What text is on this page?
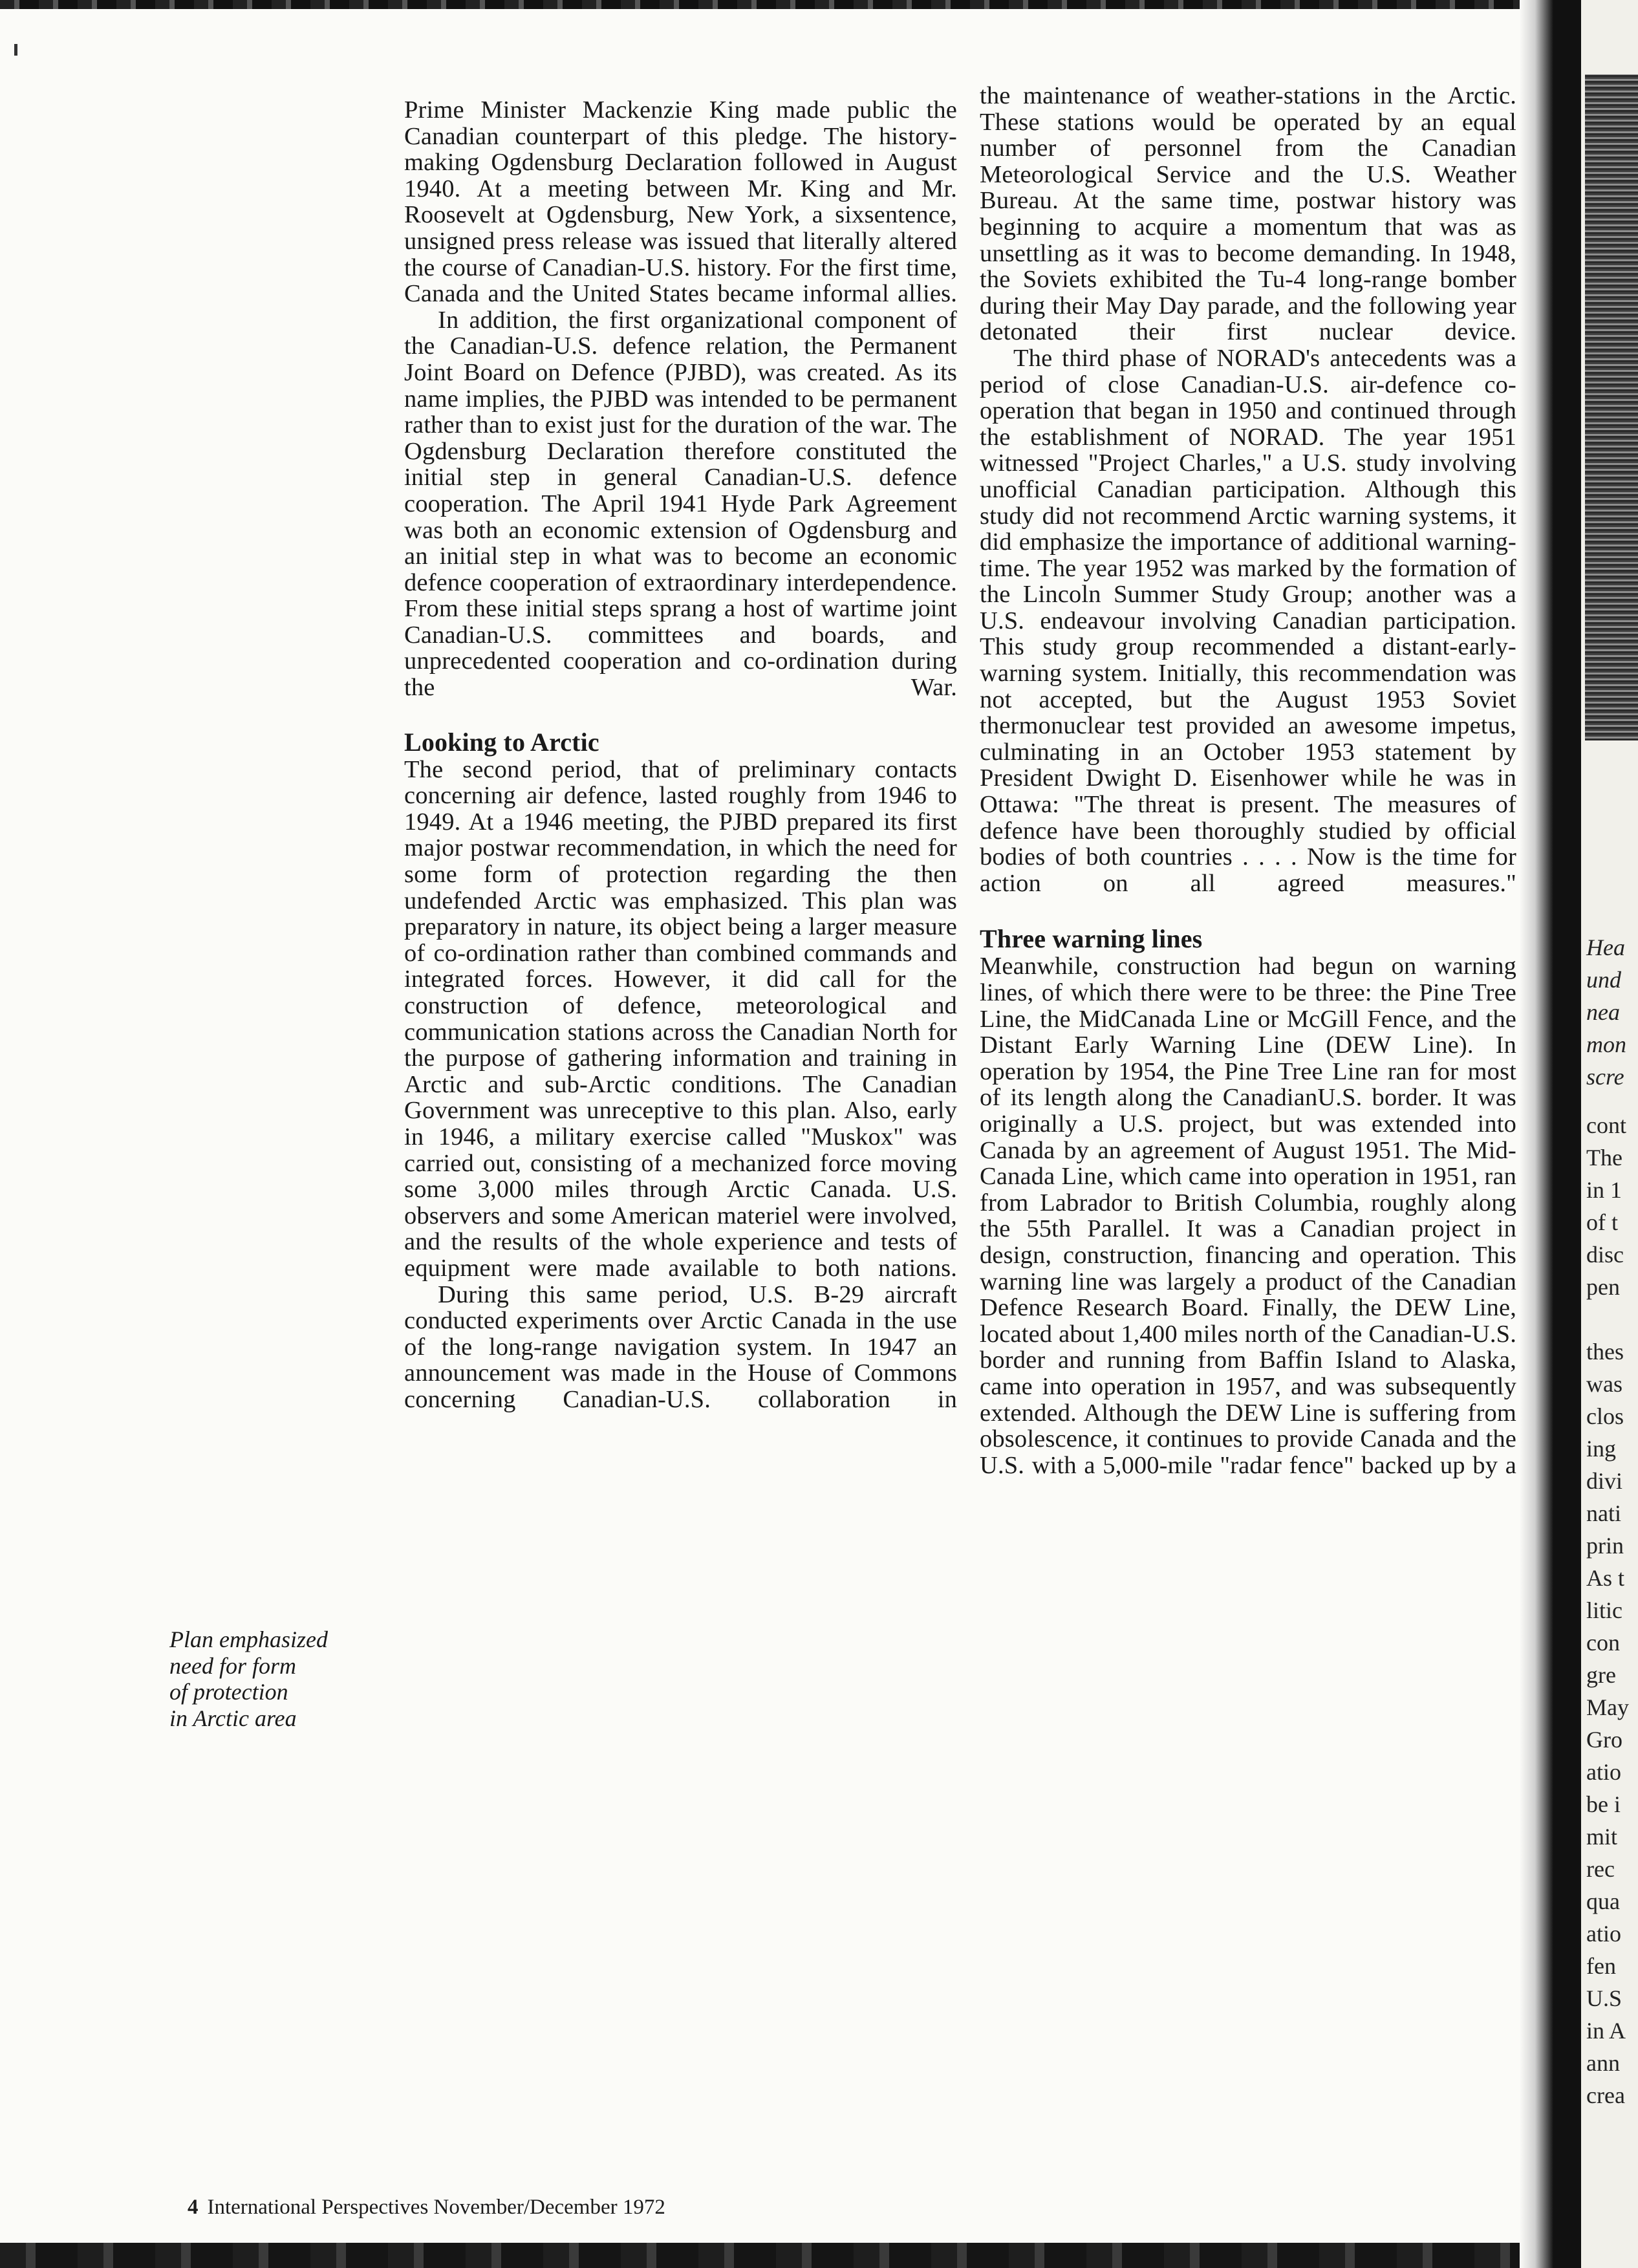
Prime Minister Mackenzie King made public the Canadian counterpart of this pledge. The history-making Ogdensburg Declaration followed in August 1940. At a meeting between Mr. King and Mr. Roosevelt at Ogdensburg, New York, a sixsentence, unsigned press release was issued that literally altered the course of Canadian-U.S. history. For the first time, Canada and the United States became informal allies.

In addition, the first organizational component of the Canadian-U.S. defence relation, the Permanent Joint Board on Defence (PJBD), was created. As its name implies, the PJBD was intended to be permanent rather than to exist just for the duration of the war. The Ogdensburg Declaration therefore constituted the initial step in general Canadian-U.S. defence cooperation. The April 1941 Hyde Park Agreement was both an economic extension of Ogdensburg and an initial step in what was to become an economic defence cooperation of extraordinary interdependence. From these initial steps sprang a host of wartime joint Canadian-U.S. committees and boards, and unprecedented cooperation and co-ordination during the War.

Looking to Arctic

The second period, that of preliminary contacts concerning air defence, lasted roughly from 1946 to 1949. At a 1946 meeting, the PJBD prepared its first major postwar recommendation, in which the need for some form of protection regarding the then undefended Arctic was emphasized. This plan was preparatory in nature, its object being a larger measure of co-ordination rather than combined commands and integrated forces. However, it did call for the construction of defence, meteorological and communication stations across the Canadian North for the purpose of gathering information and training in Arctic and sub-Arctic conditions. The Canadian Government was unreceptive to this plan. Also, early in 1946, a military exercise called "Muskox" was carried out, consisting of a mechanized force moving some 3,000 miles through Arctic Canada. U.S. observers and some American materiel were involved, and the results of the whole experience and tests of equipment were made available to both nations.

During this same period, U.S. B-29 aircraft conducted experiments over Arctic Canada in the use of the long-range navigation system. In 1947 an announcement was made in the House of Commons concerning Canadian-U.S. collaboration in

the maintenance of weather-stations in the Arctic. These stations would be operated by an equal number of personnel from the Canadian Meteorological Service and the U.S. Weather Bureau. At the same time, postwar history was beginning to acquire a momentum that was as unsettling as it was to become demanding. In 1948, the Soviets exhibited the Tu-4 long-range bomber during their May Day parade, and the following year detonated their first nuclear device.

The third phase of NORAD's antecedents was a period of close Canadian-U.S. air-defence co-operation that began in 1950 and continued through the establishment of NORAD. The year 1951 witnessed "Project Charles," a U.S. study involving unofficial Canadian participation. Although this study did not recommend Arctic warning systems, it did emphasize the importance of additional warning-time. The year 1952 was marked by the formation of the Lincoln Summer Study Group; another was a U.S. endeavour involving Canadian participation. This study group recommended a distant-early-warning system. Initially, this recommendation was not accepted, but the August 1953 Soviet thermonuclear test provided an awesome impetus, culminating in an October 1953 statement by President Dwight D. Eisenhower while he was in Ottawa: "The threat is present. The measures of defence have been thoroughly studied by official bodies of both countries . . . . Now is the time for action on all agreed measures."

Three warning lines

Meanwhile, construction had begun on warning lines, of which there were to be three: the Pine Tree Line, the MidCanada Line or McGill Fence, and the Distant Early Warning Line (DEW Line). In operation by 1954, the Pine Tree Line ran for most of its length along the CanadianU.S. border. It was originally a U.S. project, but was extended into Canada by an agreement of August 1951. The Mid-Canada Line, which came into operation in 1951, ran from Labrador to British Columbia, roughly along the 55th Parallel. It was a Canadian project in design, construction, financing and operation. This warning line was largely a product of the Canadian Defence Research Board. Finally, the DEW Line, located about 1,400 miles north of the Canadian-U.S. border and running from Baffin Island to Alaska, came into operation in 1957, and was subsequently extended. Although the DEW Line is suffering from obsolescence, it continues to provide Canada and the U.S. with a 5,000-mile "radar fence" backed up by a

Plan emphasized
need for form
of protection
in Arctic area
4 International Perspectives November/December 1972
Hea
und
nea
mon
scre
cont
The
in 1
of t
disc
pen
thes
was
clos
ing
divi
nati
prin
As t
litic
con
gre
May
Gro
atio
be i
mit
rec
qua
atio
fen
U.S
in A
ann
crea
